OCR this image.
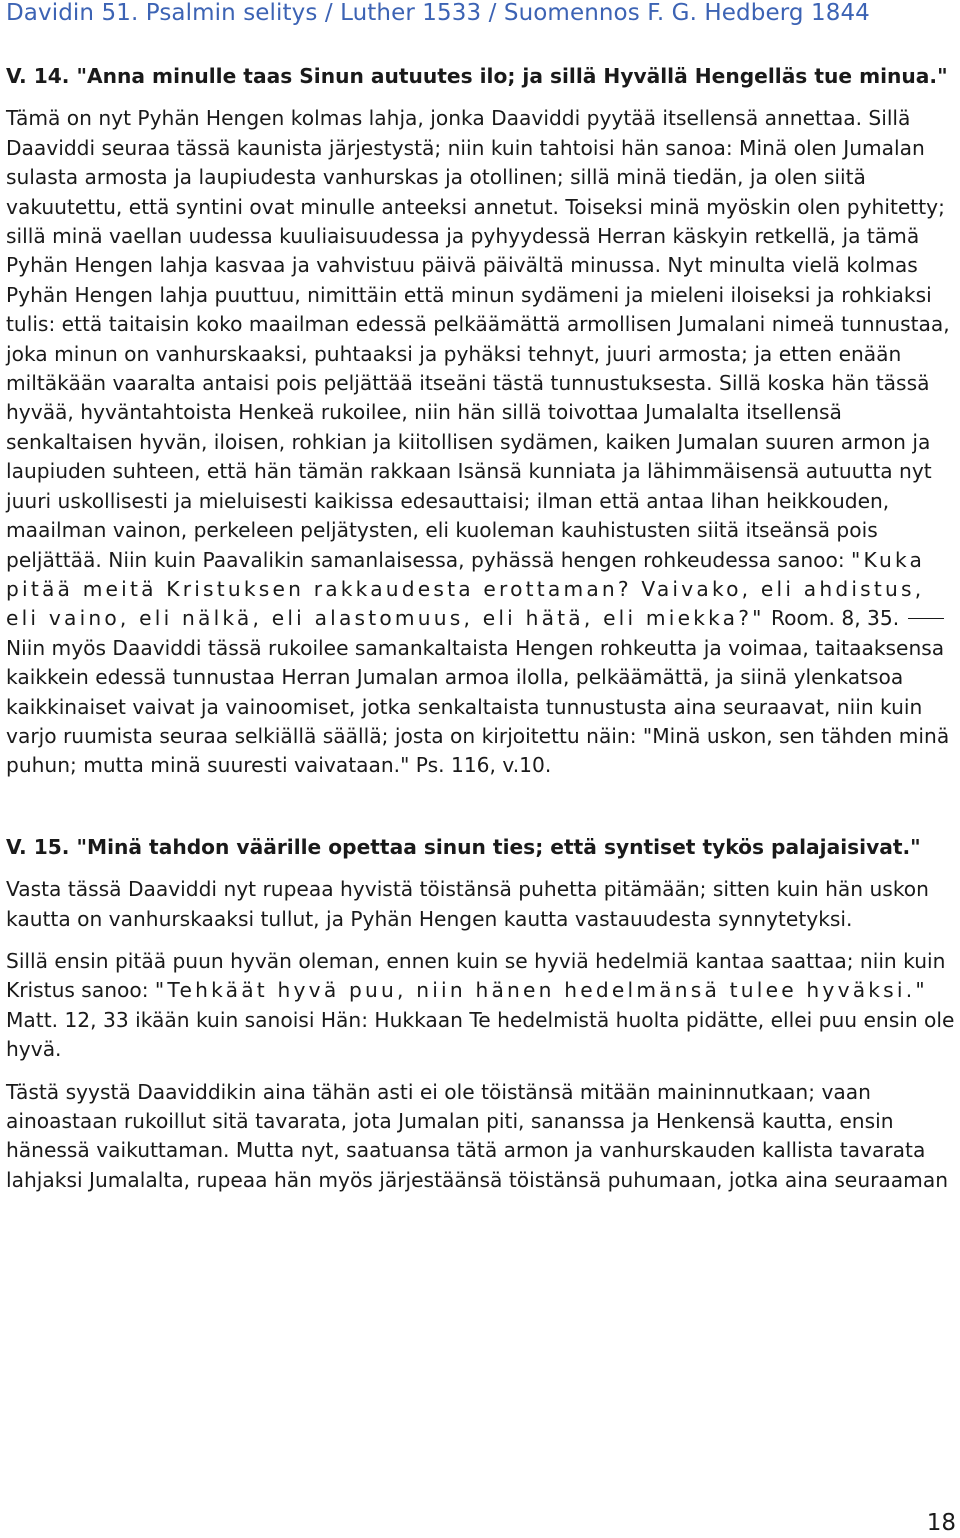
Davidin 51. Psalmin selitys / Luther 1533 / Suomennos F. G. Hedberg 1844

V. 14. "Anna minulle taas Sinun autuutes ilo; ja sillä Hyvällä Hengelläs tue minua."

Tämä on nyt Pyhän Hengen kolmas lahja, jonka Daaviddi pyytää itsellensä annettaa. Sillä Daaviddi seuraa tässä kaunista järjestystä; niin kuin tahtoisi hän sanoa: Minä olen Jumalan sulasta armosta ja laupiudesta vanhurskas ja otollinen; sillä minä tiedän, ja olen siitä vakuutettu, että syntini ovat minulle anteeksi annetut. Toiseksi minä myöskin olen pyhitetty; sillä minä vaellan uudessa kuuliaisuudessa ja pyhyydessä Herran käskyin retkellä, ja tämä Pyhän Hengen lahja kasvaa ja vahvistuu päivä päivältä minussa. Nyt minulta vielä kolmas Pyhän Hengen lahja puuttuu, nimittäin että minun sydämeni ja mieleni iloiseksi ja rohkiaksi tulis: että taitaisin koko maailman edessä pelkäämättä armollisen Jumalani nimeä tunnustaa, joka minun on vanhurskaaksi, puhtaaksi ja pyhäksi tehnyt, juuri armosta; ja etten enään miltäkään vaaralta antaisi pois peljättää itseäni tästä tunnustuksesta. Sillä koska hän tässä hyvää, hyväntahtoista Henkeä rukoilee, niin hän sillä toivottaa Jumalalta itsellensä senkaltaisen hyvän, iloisen, rohkian ja kiitollisen sydämen, kaiken Jumalan suuren armon ja laupiuden suhteen, että hän tämän rakkaan Isänsä kunniata ja lähimmäisensä autuutta nyt juuri uskollisesti ja mieluisesti kaikissa edesauttaisi; ilman että antaa lihan heikkouden, maailman vainon, perkeleen peljätysten, eli kuoleman kauhistusten siitä itseänsä pois peljättää. Niin kuin Paavalikin samanlaisessa, pyhässä hengen rohkeudessa sanoo: "Kuka pitää meitä Kristuksen rakkaudesta erottaman? Vaivako, eli ahdistus, eli vaino, eli nälkä, eli alastomuus, eli hätä, eli miekka?" Room. 8, 35. Niin myös Daaviddi tässä rukoilee samankaltaista Hengen rohkeutta ja voimaa, taitaaksensa kaikkein edessä tunnustaa Herran Jumalan armoa ilolla, pelkäämättä, ja siinä ylenkatsoa kaikkinaiset vaivat ja vainoomiset, jotka senkaltaista tunnustusta aina seuraavat, niin kuin varjo ruumista seuraa selkiällä säällä; josta on kirjoitettu näin: "Minä uskon, sen tähden minä puhun; mutta minä suuresti vaivataan." Ps. 116, v.10.

V. 15. "Minä tahdon väärille opettaa sinun ties; että syntiset tykös palajaisivat."

Vasta tässä Daaviddi nyt rupeaa hyvistä töistänsä puhetta pitämään; sitten kuin hän uskon kautta on vanhurskaaksi tullut, ja Pyhän Hengen kautta vastauudesta synnytetyksi.

Sillä ensin pitää puun hyvän oleman, ennen kuin se hyviä hedelmiä kantaa saattaa; niin kuin Kristus sanoo: "Tehkäät hyvä puu, niin hänen hedelmänsä tulee hyväksi." Matt. 12, 33 ikään kuin sanoisi Hän: Hukkaan Te hedelmistä huolta pidätte, ellei puu ensin ole hyvä.

Tästä syystä Daaviddikin aina tähän asti ei ole töistänsä mitään maininnutkaan; vaan ainoastaan rukoillut sitä tavarata, jota Jumalan piti, sananssa ja Henkensä kautta, ensin hänessä vaikuttaman. Mutta nyt, saatuansa tätä armon ja vanhurskauden kallista tavarata lahjaksi Jumalalta, rupeaa hän myös järjestäänsä töistänsä puhumaan, jotka aina seuraaman

18
